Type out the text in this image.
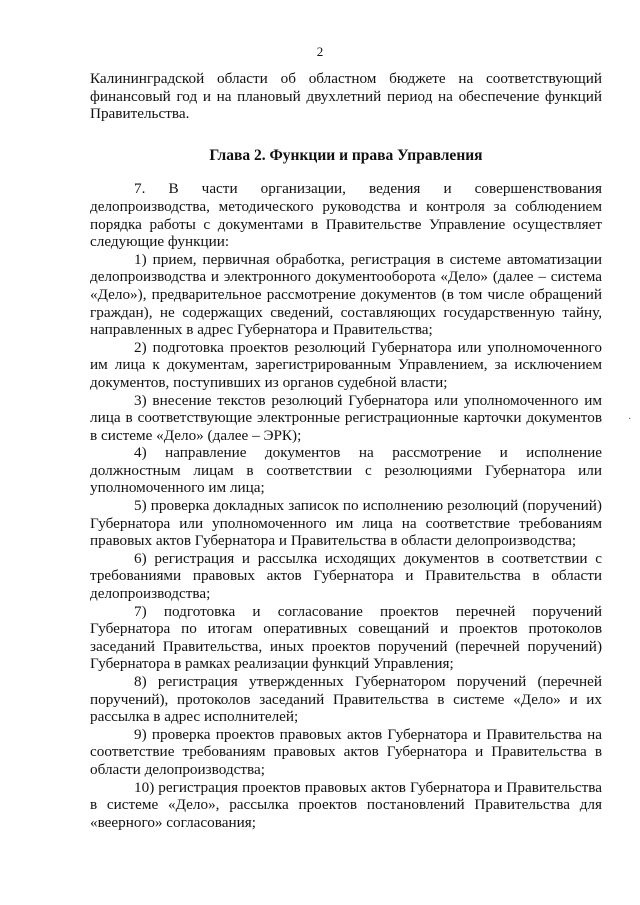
2

Калининградской области об областном бюджете на соответствующий финансовый год и на плановый двухлетний период на обеспечение функций Правительства.

Глава 2. Функции и права Управления

7. В части организации, ведения и совершенствования делопроизводства, методического руководства и контроля за соблюдением порядка работы с документами в Правительстве Управление осуществляет следующие функции:

1) прием, первичная обработка, регистрация в системе автоматизации делопроизводства и электронного документооборота «Дело» (далее – система «Дело»), предварительное рассмотрение документов (в том числе обращений граждан), не содержащих сведений, составляющих государственную тайну, направленных в адрес Губернатора и Правительства;

2) подготовка проектов резолюций Губернатора или уполномоченного им лица к документам, зарегистрированным Управлением, за исключением документов, поступивших из органов судебной власти;

3) внесение текстов резолюций Губернатора или уполномоченного им лица в соответствующие электронные регистрационные карточки документов в системе «Дело» (далее – ЭРК);

4) направление документов на рассмотрение и исполнение должностным лицам в соответствии с резолюциями Губернатора или уполномоченного им лица;

5) проверка докладных записок по исполнению резолюций (поручений) Губернатора или уполномоченного им лица на соответствие требованиям правовых актов Губернатора и Правительства в области делопроизводства;

6) регистрация и рассылка исходящих документов в соответствии с требованиями правовых актов Губернатора и Правительства в области делопроизводства;

7) подготовка и согласование проектов перечней поручений Губернатора по итогам оперативных совещаний и проектов протоколов заседаний Правительства, иных проектов поручений (перечней поручений) Губернатора в рамках реализации функций Управления;

8) регистрация утвержденных Губернатором поручений (перечней поручений), протоколов заседаний Правительства в системе «Дело» и их рассылка в адрес исполнителей;

9) проверка проектов правовых актов Губернатора и Правительства на соответствие требованиям правовых актов Губернатора и Правительства в области делопроизводства;

10) регистрация проектов правовых актов Губернатора и Правительства в системе «Дело», рассылка проектов постановлений Правительства для «веерного» согласования;

·
